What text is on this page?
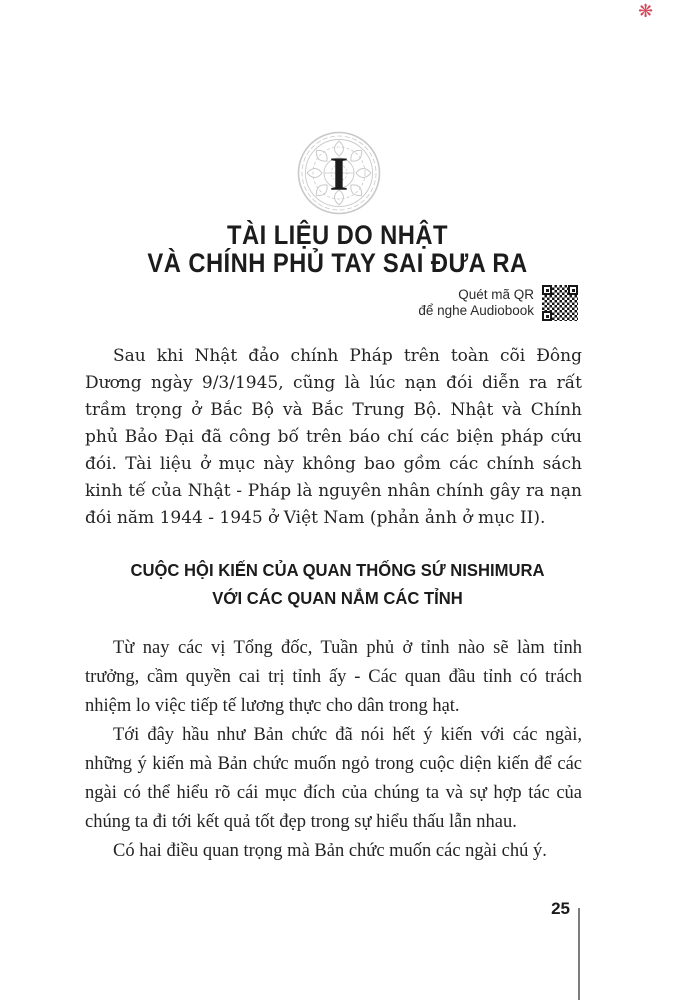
❋
I
TÀI LIỆU DO NHẬT
VÀ CHÍNH PHỦ TAY SAI ĐƯA RA
Quét mã QR
để nghe Audiobook

Sau khi Nhật đảo chính Pháp trên toàn cõi Đông Dương ngày 9/3/1945, cũng là lúc nạn đói diễn ra rất trầm trọng ở Bắc Bộ và Bắc Trung Bộ. Nhật và Chính phủ Bảo Đại đã công bố trên báo chí các biện pháp cứu đói. Tài liệu ở mục này không bao gồm các chính sách kinh tế của Nhật - Pháp là nguyên nhân chính gây ra nạn đói năm 1944 - 1945 ở Việt Nam (phản ảnh ở mục II).

CUỘC HỘI KIẾN CỦA QUAN THỐNG SỨ NISHIMURA
VỚI CÁC QUAN NẮM CÁC TỈNH

Từ nay các vị Tổng đốc, Tuần phủ ở tỉnh nào sẽ làm tỉnh trưởng, cầm quyền cai trị tỉnh ấy - Các quan đầu tỉnh có trách nhiệm lo việc tiếp tế lương thực cho dân trong hạt.

Tới đây hầu như Bản chức đã nói hết ý kiến với các ngài, những ý kiến mà Bản chức muốn ngỏ trong cuộc diện kiến để các ngài có thể hiểu rõ cái mục đích của chúng ta và sự hợp tác của chúng ta đi tới kết quả tốt đẹp trong sự hiểu thấu lẫn nhau.

Có hai điều quan trọng mà Bản chức muốn các ngài chú ý.

25
